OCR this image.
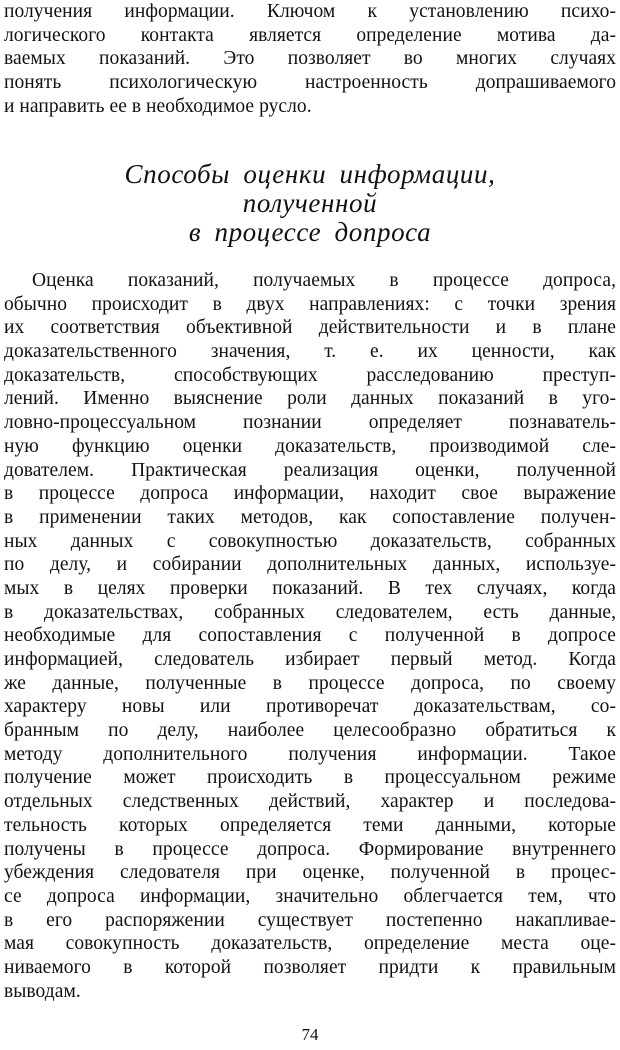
получения информации. Ключом к установлению психо-
логического контакта является определение мотива да-
ваемых показаний. Это позволяет во многих случаях
понять психологическую настроенность допрашиваемого
и направить ее в необходимое русло.
Способы оценки информации,
полученной
в процессе допроса
Оценка показаний, получаемых в процессе допроса,
обычно происходит в двух направлениях: с точки зрения
их соответствия объективной действительности и в плане
доказательственного значения, т. е. их ценности, как
доказательств, способствующих расследованию преступ-
лений. Именно выяснение роли данных показаний в уго-
ловно-процессуальном познании определяет познаватель-
ную функцию оценки доказательств, производимой сле-
дователем. Практическая реализация оценки, полученной
в процессе допроса информации, находит свое выражение
в применении таких методов, как сопоставление получен-
ных данных с совокупностью доказательств, собранных
по делу, и собирании дополнительных данных, используе-
мых в целях проверки показаний. В тех случаях, когда
в доказательствах, собранных следователем, есть данные,
необходимые для сопоставления с полученной в допросе
информацией, следователь избирает первый метод. Когда
же данные, полученные в процессе допроса, по своему
характеру новы или противоречат доказательствам, со-
бранным по делу, наиболее целесообразно обратиться к
методу дополнительного получения информации. Такое
получение может происходить в процессуальном режиме
отдельных следственных действий, характер и последова-
тельность которых определяется теми данными, которые
получены в процессе допроса. Формирование внутреннего
убеждения следователя при оценке, полученной в процес-
се допроса информации, значительно облегчается тем, что
в его распоряжении существует постепенно накапливае-
мая совокупность доказательств, определение места оце-
ниваемого в которой позволяет придти к правильным
выводам.
74
